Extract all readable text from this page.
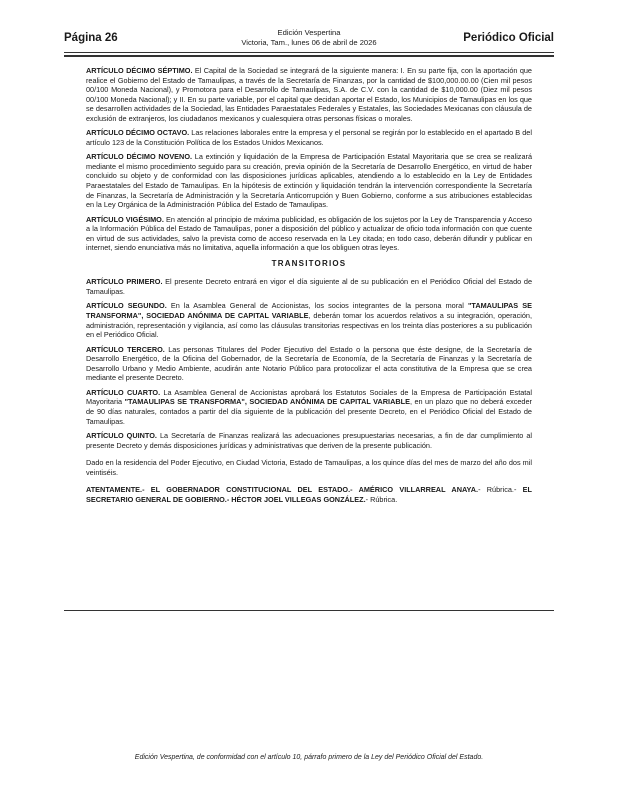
Página 26	Edición Vespertina
Victoria, Tam., lunes 06 de abril de 2026	Periódico Oficial

ARTÍCULO DÉCIMO SÉPTIMO. El Capital de la Sociedad se integrará de la siguiente manera: I. En su parte fija, con la aportación que realice el Gobierno del Estado de Tamaulipas, a través de la Secretaría de Finanzas, por la cantidad de $100,000.00.00 (Cien mil pesos 00/100 Moneda Nacional), y Promotora para el Desarrollo de Tamaulipas, S.A. de C.V. con la cantidad de $10,000.00 (Diez mil pesos 00/100 Moneda Nacional); y II. En su parte variable, por el capital que decidan aportar el Estado, los Municipios de Tamaulipas en los que se desarrollen actividades de la Sociedad, las Entidades Paraestatales Federales y Estatales, las Sociedades Mexicanas con cláusula de exclusión de extranjeros, los ciudadanos mexicanos y cualesquiera otras personas físicas o morales.

ARTÍCULO DÉCIMO OCTAVO. Las relaciones laborales entre la empresa y el personal se regirán por lo establecido en el apartado B del artículo 123 de la Constitución Política de los Estados Unidos Mexicanos.

ARTÍCULO DÉCIMO NOVENO. La extinción y liquidación de la Empresa de Participación Estatal Mayoritaria que se crea se realizará mediante el mismo procedimiento seguido para su creación, previa opinión de la Secretaría de Desarrollo Energético, en virtud de haber concluido su objeto y de conformidad con las disposiciones jurídicas aplicables, atendiendo a lo establecido en la Ley de Entidades Paraestatales del Estado de Tamaulipas. En la hipótesis de extinción y liquidación tendrán la intervención correspondiente la Secretaría de Finanzas, la Secretaría de Administración y la Secretaría Anticorrupción y Buen Gobierno, conforme a sus atribuciones establecidas en la Ley Orgánica de la Administración Pública del Estado de Tamaulipas.

ARTÍCULO VIGÉSIMO. En atención al principio de máxima publicidad, es obligación de los sujetos por la Ley de Transparencia y Acceso a la Información Pública del Estado de Tamaulipas, poner a disposición del público y actualizar de oficio toda información con que cuente en virtud de sus actividades, salvo la prevista como de acceso reservada en la Ley citada; en todo caso, deberán difundir y publicar en internet, siendo enunciativa más no limitativa, aquella información a que los obliguen otras leyes.

TRANSITORIOS

ARTÍCULO PRIMERO. El presente Decreto entrará en vigor el día siguiente al de su publicación en el Periódico Oficial del Estado de Tamaulipas.

ARTÍCULO SEGUNDO. En la Asamblea General de Accionistas, los socios integrantes de la persona moral "TAMAULIPAS SE TRANSFORMA", SOCIEDAD ANÓNIMA DE CAPITAL VARIABLE, deberán tomar los acuerdos relativos a su integración, operación, administración, representación y vigilancia, así como las cláusulas transitorias respectivas en los treinta días posteriores a su publicación en el Periódico Oficial.

ARTÍCULO TERCERO. Las personas Titulares del Poder Ejecutivo del Estado o la persona que éste designe, de la Secretaría de Desarrollo Energético, de la Oficina del Gobernador, de la Secretaría de Economía, de la Secretaría de Finanzas y la Secretaría de Desarrollo Urbano y Medio Ambiente, acudirán ante Notario Público para protocolizar el acta constitutiva de la Empresa que se crea mediante el presente Decreto.

ARTÍCULO CUARTO. La Asamblea General de Accionistas aprobará los Estatutos Sociales de la Empresa de Participación Estatal Mayoritaria "TAMAULIPAS SE TRANSFORMA", SOCIEDAD ANÓNIMA DE CAPITAL VARIABLE, en un plazo que no deberá exceder de 90 días naturales, contados a partir del día siguiente de la publicación del presente Decreto, en el Periódico Oficial del Estado de Tamaulipas.

ARTÍCULO QUINTO. La Secretaría de Finanzas realizará las adecuaciones presupuestarias necesarias, a fin de dar cumplimiento al presente Decreto y demás disposiciones jurídicas y administrativas que deriven de la presente publicación.

Dado en la residencia del Poder Ejecutivo, en Ciudad Victoria, Estado de Tamaulipas, a los quince días del mes de marzo del año dos mil veintiséis.

ATENTAMENTE.- EL GOBERNADOR CONSTITUCIONAL DEL ESTADO.- AMÉRICO VILLARREAL ANAYA.- Rúbrica.- EL SECRETARIO GENERAL DE GOBIERNO.- HÉCTOR JOEL VILLEGAS GONZÁLEZ.- Rúbrica.

Edición Vespertina, de conformidad con el artículo 10, párrafo primero de la Ley del Periódico Oficial del Estado.
